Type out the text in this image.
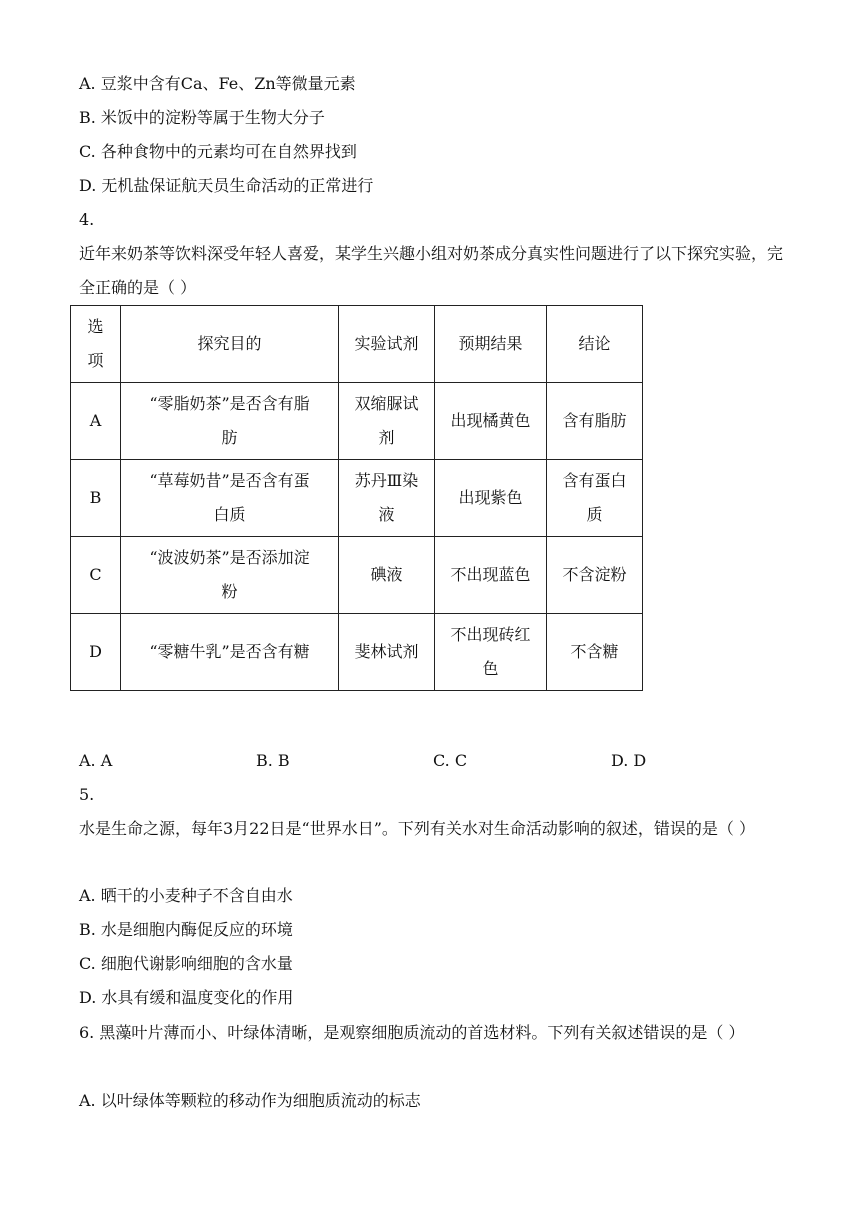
A. 豆浆中含有Ca、Fe、Zn等微量元素
B. 米饭中的淀粉等属于生物大分子
C. 各种食物中的元素均可在自然界找到
D. 无机盐保证航天员生命活动的正常进行
4.
近年来奶茶等饮料深受年轻人喜爱，某学生兴趣小组对奶茶成分真实性问题进行了以下探究实验，完全正确的是（ ）
选项	探究目的	实验试剂	预期结果	结论
A	“零脂奶茶”是否含有脂肪	双缩脲试剂	出现橘黄色	含有脂肪
B	“草莓奶昔”是否含有蛋白质	苏丹Ⅲ染液	出现紫色	含有蛋白质
C	“波波奶茶”是否添加淀粉	碘液	不出现蓝色	不含淀粉
D	“零糖牛乳”是否含有糖	斐林试剂	不出现砖红色	不含糖
A. A	B. B	C. C	D. D
5.
水是生命之源，每年3月22日是“世界水日”。下列有关水对生命活动影响的叙述，错误的是（ ）
A. 晒干的小麦种子不含自由水
B. 水是细胞内酶促反应的环境
C. 细胞代谢影响细胞的含水量
D. 水具有缓和温度变化的作用
6. 黑藻叶片薄而小、叶绿体清晰，是观察细胞质流动的首选材料。下列有关叙述错误的是（ ）
A. 以叶绿体等颗粒的移动作为细胞质流动的标志
